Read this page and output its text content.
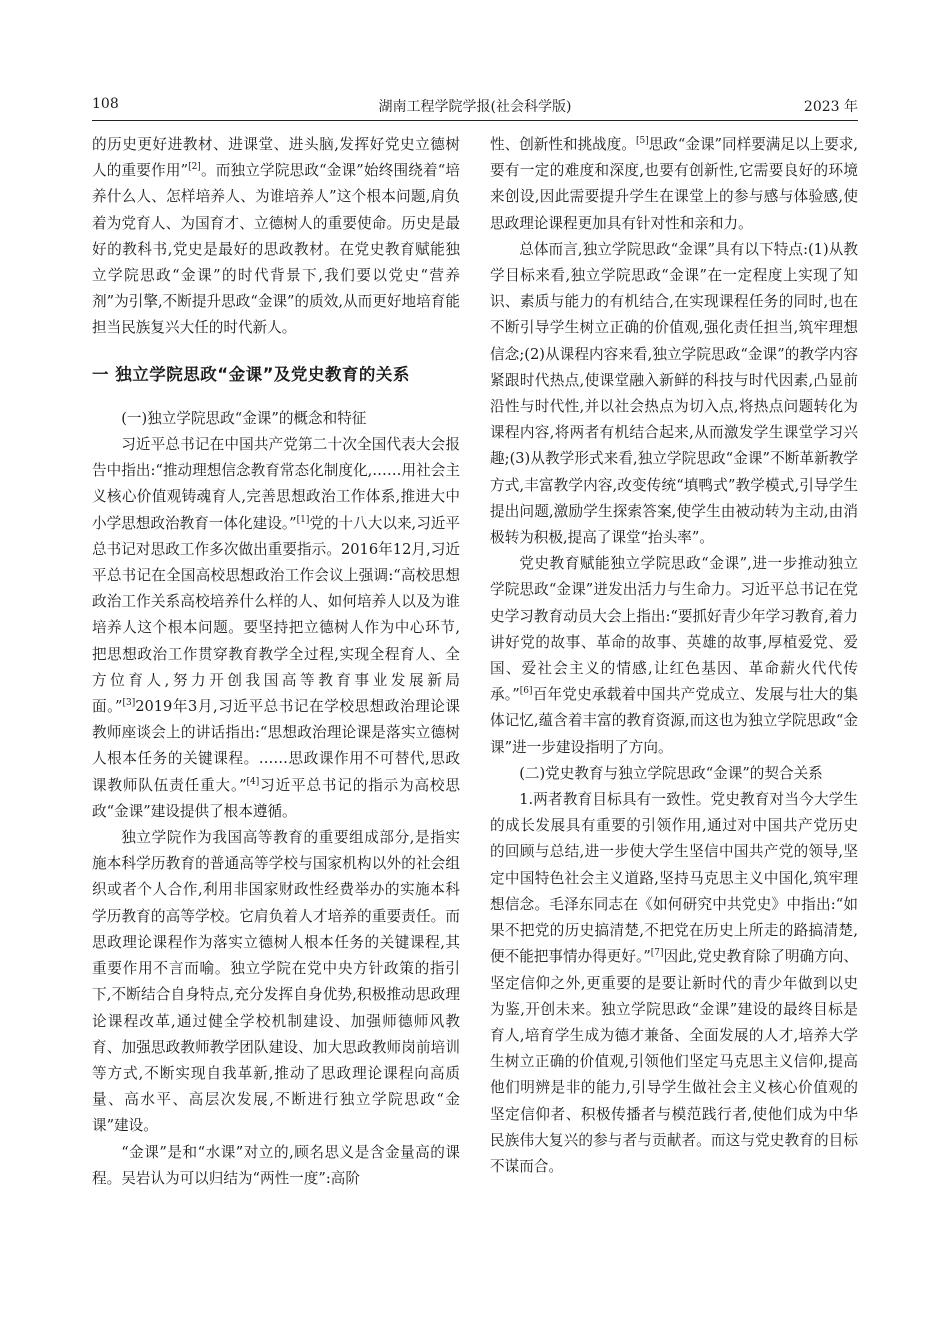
108	湖南工程学院学报(社会科学版)	2023 年

的历史更好进教材、进课堂、进头脑,发挥好党史立德树人的重要作用”[2]。而独立学院思政“金课”始终围绕着“培养什么人、怎样培养人、为谁培养人”这个根本问题,肩负着为党育人、为国育才、立德树人的重要使命。历史是最好的教科书,党史是最好的思政教材。在党史教育赋能独立学院思政“金课”的时代背景下,我们要以党史“营养剂”为引擎,不断提升思政“金课”的质效,从而更好地培育能担当民族复兴大任的时代新人。

一 独立学院思政“金课”及党史教育的关系

(一)独立学院思政“金课”的概念和特征

习近平总书记在中国共产党第二十次全国代表大会报告中指出:“推动理想信念教育常态化制度化,……用社会主义核心价值观铸魂育人,完善思想政治工作体系,推进大中小学思想政治教育一体化建设。”[1]党的十八大以来,习近平总书记对思政工作多次做出重要指示。2016年12月,习近平总书记在全国高校思想政治工作会议上强调:“高校思想政治工作关系高校培养什么样的人、如何培养人以及为谁培养人这个根本问题。要坚持把立德树人作为中心环节,把思想政治工作贯穿教育教学全过程,实现全程育人、全方位育人,努力开创我国高等教育事业发展新局面。”[3]2019年3月,习近平总书记在学校思想政治理论课教师座谈会上的讲话指出:“思想政治理论课是落实立德树人根本任务的关键课程。……思政课作用不可替代,思政课教师队伍责任重大。”[4]习近平总书记的指示为高校思政“金课”建设提供了根本遵循。

独立学院作为我国高等教育的重要组成部分,是指实施本科学历教育的普通高等学校与国家机构以外的社会组织或者个人合作,利用非国家财政性经费举办的实施本科学历教育的高等学校。它肩负着人才培养的重要责任。而思政理论课程作为落实立德树人根本任务的关键课程,其重要作用不言而喻。独立学院在党中央方针政策的指引下,不断结合自身特点,充分发挥自身优势,积极推动思政理论课程改革,通过健全学校机制建设、加强师德师风教育、加强思政教师教学团队建设、加大思政教师岗前培训等方式,不断实现自我革新,推动了思政理论课程向高质量、高水平、高层次发展,不断进行独立学院思政“金课”建设。

“金课”是和“水课”对立的,顾名思义是含金量高的课程。吴岩认为可以归结为“两性一度”:高阶

性、创新性和挑战度。[5]思政“金课”同样要满足以上要求,要有一定的难度和深度,也要有创新性,它需要良好的环境来创设,因此需要提升学生在课堂上的参与感与体验感,使思政理论课程更加具有针对性和亲和力。

总体而言,独立学院思政“金课”具有以下特点:(1)从教学目标来看,独立学院思政“金课”在一定程度上实现了知识、素质与能力的有机结合,在实现课程任务的同时,也在不断引导学生树立正确的价值观,强化责任担当,筑牢理想信念;(2)从课程内容来看,独立学院思政“金课”的教学内容紧跟时代热点,使课堂融入新鲜的科技与时代因素,凸显前沿性与时代性,并以社会热点为切入点,将热点问题转化为课程内容,将两者有机结合起来,从而激发学生课堂学习兴趣;(3)从教学形式来看,独立学院思政“金课”不断革新教学方式,丰富教学内容,改变传统“填鸭式”教学模式,引导学生提出问题,激励学生探索答案,使学生由被动转为主动,由消极转为积极,提高了课堂“抬头率”。

党史教育赋能独立学院思政“金课”,进一步推动独立学院思政“金课”迸发出活力与生命力。习近平总书记在党史学习教育动员大会上指出:“要抓好青少年学习教育,着力讲好党的故事、革命的故事、英雄的故事,厚植爱党、爱国、爱社会主义的情感,让红色基因、革命薪火代代传承。”[6]百年党史承载着中国共产党成立、发展与壮大的集体记忆,蕴含着丰富的教育资源,而这也为独立学院思政“金课”进一步建设指明了方向。

(二)党史教育与独立学院思政“金课”的契合关系

1.两者教育目标具有一致性。党史教育对当今大学生的成长发展具有重要的引领作用,通过对中国共产党历史的回顾与总结,进一步使大学生坚信中国共产党的领导,坚定中国特色社会主义道路,坚持马克思主义中国化,筑牢理想信念。毛泽东同志在《如何研究中共党史》中指出:“如果不把党的历史搞清楚,不把党在历史上所走的路搞清楚,便不能把事情办得更好。”[7]因此,党史教育除了明确方向、坚定信仰之外,更重要的是要让新时代的青少年做到以史为鉴,开创未来。独立学院思政“金课”建设的最终目标是育人,培育学生成为德才兼备、全面发展的人才,培养大学生树立正确的价值观,引领他们坚定马克思主义信仰,提高他们明辨是非的能力,引导学生做社会主义核心价值观的坚定信仰者、积极传播者与模范践行者,使他们成为中华民族伟大复兴的参与者与贡献者。而这与党史教育的目标不谋而合。
